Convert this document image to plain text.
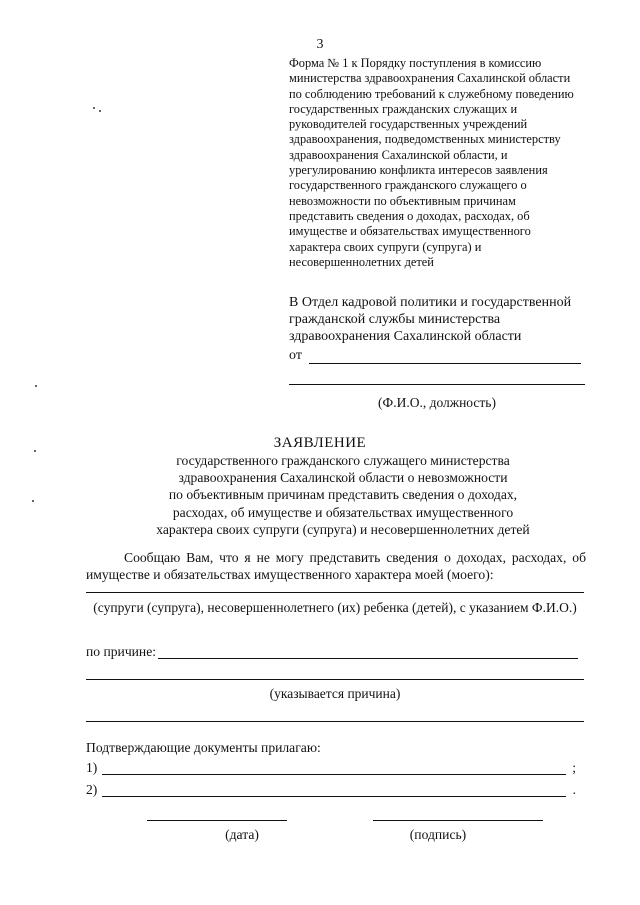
3
Форма № 1 к Порядку поступления в комиссию
министерства здравоохранения Сахалинской области
по соблюдению требований к служебному поведению
государственных гражданских служащих и
руководителей государственных учреждений
здравоохранения, подведомственных министерству
здравоохранения Сахалинской области, и
урегулированию конфликта интересов заявления
государственного гражданского служащего о
невозможности по объективным причинам
представить сведения о доходах, расходах, об
имуществе и обязательствах имущественного
характера своих супруги (супруга) и
несовершеннолетних детей
В Отдел кадровой политики и государственной
гражданской службы министерства
здравоохранения Сахалинской области
от
(Ф.И.О., должность)
ЗАЯВЛЕНИЕ
государственного гражданского служащего министерства
здравоохранения Сахалинской области о невозможности
по объективным причинам представить сведения о доходах,
расходах, об имуществе и обязательствах имущественного
характера своих супруги (супруга) и несовершеннолетних детей
Сообщаю Вам, что я не могу представить сведения о доходах, расходах, об имуществе и обязательствах имущественного характера моей (моего):
(супруги (супруга), несовершеннолетнего (их) ребенка (детей), с указанием Ф.И.О.)
по причине:
(указывается причина)
Подтверждающие документы прилагаю:
1)	;
2)	.
(дата)	(подпись)
